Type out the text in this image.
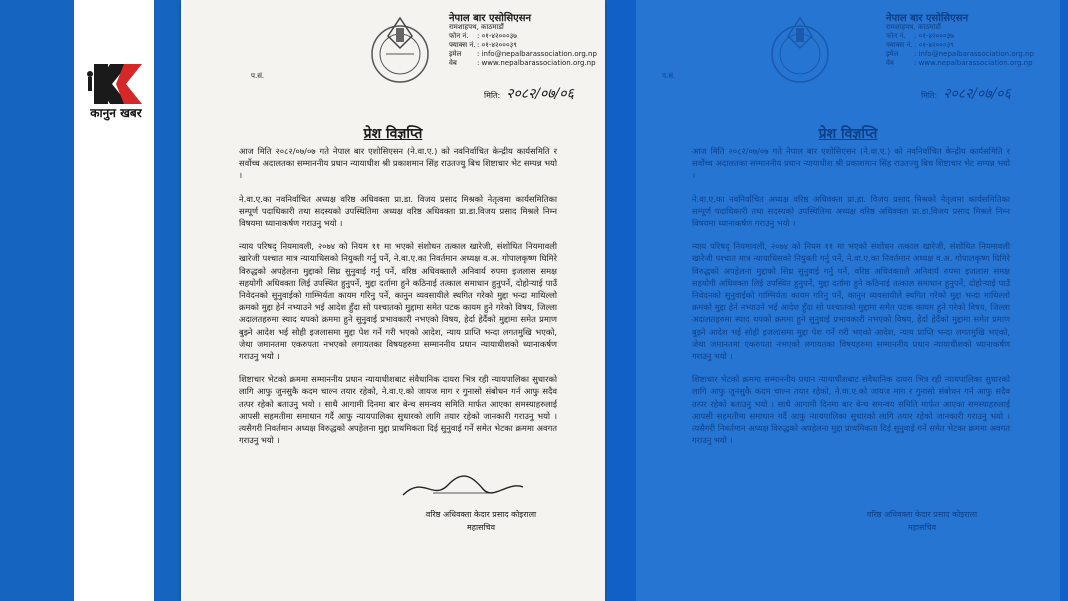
कानुन खबर
नेपाल बार एसोसिएसन
रामशाहपथ, काठमाडौं
फोन नं.	: ०१-४२०००३७
फ्याक्स नं. : ०१-४२०००३९
इमेल	: info@nepalbarassociation.org.np
वेब	: www.nepalbarassociation.org.np
प.सं.
मिति: २०८२/०७/०६
प्रेश विज्ञप्ति

आज मिति २०८२/०७/०७ गते नेपाल बार एशोसिएसन (ने.वा.ए.) को नवनिर्वाचित केन्द्रीय कार्यसमिति र सर्वोच्च अदालतका सम्माननीय प्रधान न्यायाधीश श्री प्रकाशमान सिंह राउतज्यु बिच शिष्टाचार भेट सम्पन्न भयो ।

ने.वा.ए.का नवनिर्वाचित अध्यक्ष वरिष्ठ अधिवक्ता प्रा.डा. विजय प्रसाद मिश्रको नेतृत्वमा कार्यसमितिका सम्पूर्ण पदाधिकारी तथा सदस्यको उपस्थितिमा अध्यक्ष वरिष्ठ अधिवक्ता प्रा.डा.विजय प्रसाद मिश्रले निम्न विषयमा ध्यानाकर्षण गराउनु भयो ।

न्याय परिषद् नियमावली, २०७४ को नियम ११ मा भएको संशोधन तत्काल खारेजी, संशोधित नियमावली खारेजी पश्चात मात्र न्यायाधिसको नियुक्ती गर्नु पर्ने, ने.वा.ए.का निवर्तमान अध्यक्ष व.अ. गोपालकृष्ण घिमिरे विरुद्धको अपहेलना मुद्दाको सिघ्र सुनुवाई गर्नु पर्ने, वरिष्ठ अधिवक्तालै अनिवार्य रुपमा इजलास समक्ष सहयोगी अधिवक्ता लिई उपस्थित हुनुपर्ने, मुद्दा दर्तामा हुने कठिनाई तत्काल समाधान हुनुपर्ने, दोहोऱ्याई पाउँ निवेदनको सुनुवाईको गाम्भिर्यता कायम गरिनु पर्ने, कानुन व्यवसायीले स्थगित गरेको मुद्दा भन्दा माथिल्लो क्रमको मुद्दा हेर्न नभ्याउने भई आदेश हुँदा सो पश्चातको मुद्दामा समेत पटक कायम हुने गरेको विषय, जिल्ला अदालतहरुमा स्याद थपको क्रममा हुने सुनुवाई प्रभावकारी नभएको विषय, हेर्दा हेर्दैको मुद्दामा समेत प्रमाण बुझ्ने आदेश भई सोही इजलासमा मुद्दा पेश गर्ने गरी भएको आदेश, न्याय प्राप्ति भन्दा लगतमुखि भएको, जेथा जमानतमा एकरुपता नभएको लगायतका विषयहरुमा सम्माननीय प्रधान न्यायाधीशको ध्यानाकर्षण गराउनु भयो ।

शिष्टाचार भेटको क्रममा सम्माननीय प्रधान न्यायाधीशबाट संवैधानिक दायरा भित्र रही न्यायपालिका सुधारको लागि आफु जुनसुकै कदम चाल्न तयार रहेको, ने.वा.ए.को जायज माग र गुनासो संबोधन गर्न आफु सदैव तत्पर रहेको बताउनु भयो । साथै आगामी दिनमा बार बेन्च समन्वय समिति मार्फत आएका समस्याहरुलाई आपसी सहमतीमा समाधान गर्दै आफु न्यायपालिका सुधारको लागि तयार रहेको जानकारी गराउनु भयो । त्यसैगरी निवर्तमान अध्यक्ष विरुद्धको अपहेलना मुद्दा प्राथमिकता दिई सुनुवाई गर्ने समेत भेटका क्रममा अवगत गराउनु भयो ।

वरिष्ठ अधिवक्ता केदार प्रसाद कोइराला
महासचिव
नेपाल बार एसोसिएसन
रामशाहपथ, काठमाडौं
फोन नं.	: ०१-४२०००३७
फ्याक्स नं. : ०१-४२०००३९
इमेल	: info@nepalbarassociation.org.np
वेब	: www.nepalbarassociation.org.np
प.सं.
मिति: २०८२/०७/०६
प्रेश विज्ञप्ति

आज मिति २०८२/०७/०७ गते नेपाल बार एशोसिएसन (ने.वा.ए.) को नवनिर्वाचित केन्द्रीय कार्यसमिति र सर्वोच्च अदालतका सम्माननीय प्रधान न्यायाधीश श्री प्रकाशमान सिंह राउतज्यु बिच शिष्टाचार भेट सम्पन्न भयो ।

ने.वा.ए.का नवनिर्वाचित अध्यक्ष वरिष्ठ अधिवक्ता प्रा.डा. विजय प्रसाद मिश्रको नेतृत्वमा कार्यसमितिका सम्पूर्ण पदाधिकारी तथा सदस्यको उपस्थितिमा अध्यक्ष वरिष्ठ अधिवक्ता प्रा.डा.विजय प्रसाद मिश्रले निम्न विषयमा ध्यानाकर्षण गराउनु भयो ।

न्याय परिषद् नियमावली, २०७४ को नियम ११ मा भएको संशोधन तत्काल खारेजी, संशोधित नियमावली खारेजी पश्चात मात्र न्यायाधिसको नियुक्ती गर्नु पर्ने, ने.वा.ए.का निवर्तमान अध्यक्ष व.अ. गोपालकृष्ण घिमिरे विरुद्धको अपहेलना मुद्दाको सिघ्र सुनुवाई गर्नु पर्ने, वरिष्ठ अधिवक्तालै अनिवार्य रुपमा इजलास समक्ष सहयोगी अधिवक्ता लिई उपस्थित हुनुपर्ने, मुद्दा दर्तामा हुने कठिनाई तत्काल समाधान हुनुपर्ने, दोहोऱ्याई पाउँ निवेदनको सुनुवाईको गाम्भिर्यता कायम गरिनु पर्ने, कानुन व्यवसायीले स्थगित गरेको मुद्दा भन्दा माथिल्लो क्रमको मुद्दा हेर्न नभ्याउने भई आदेश हुँदा सो पश्चातको मुद्दामा समेत पटक कायम हुने गरेको विषय, जिल्ला अदालतहरुमा स्याद थपको क्रममा हुने सुनुवाई प्रभावकारी नभएको विषय, हेर्दा हेर्दैको मुद्दामा समेत प्रमाण बुझ्ने आदेश भई सोही इजलासमा मुद्दा पेश गर्ने गरी भएको आदेश, न्याय प्राप्ति भन्दा लगतमुखि भएको, जेथा जमानतमा एकरुपता नभएको लगायतका विषयहरुमा सम्माननीय प्रधान न्यायाधीशको ध्यानाकर्षण गराउनु भयो ।

शिष्टाचार भेटको क्रममा सम्माननीय प्रधान न्यायाधीशबाट संवैधानिक दायरा भित्र रही न्यायपालिका सुधारको लागि आफु जुनसुकै कदम चाल्न तयार रहेको, ने.वा.ए.को जायज माग र गुनासो संबोधन गर्न आफु सदैव तत्पर रहेको बताउनु भयो । साथै आगामी दिनमा बार बेन्च समन्वय समिति मार्फत आएका समस्याहरुलाई आपसी सहमतीमा समाधान गर्दै आफु न्यायपालिका सुधारको लागि तयार रहेको जानकारी गराउनु भयो । त्यसैगरी निवर्तमान अध्यक्ष विरुद्धको अपहेलना मुद्दा प्राथमिकता दिई सुनुवाई गर्ने समेत भेटका क्रममा अवगत गराउनु भयो ।

वरिष्ठ अधिवक्ता केदार प्रसाद कोइराला
महासचिव
